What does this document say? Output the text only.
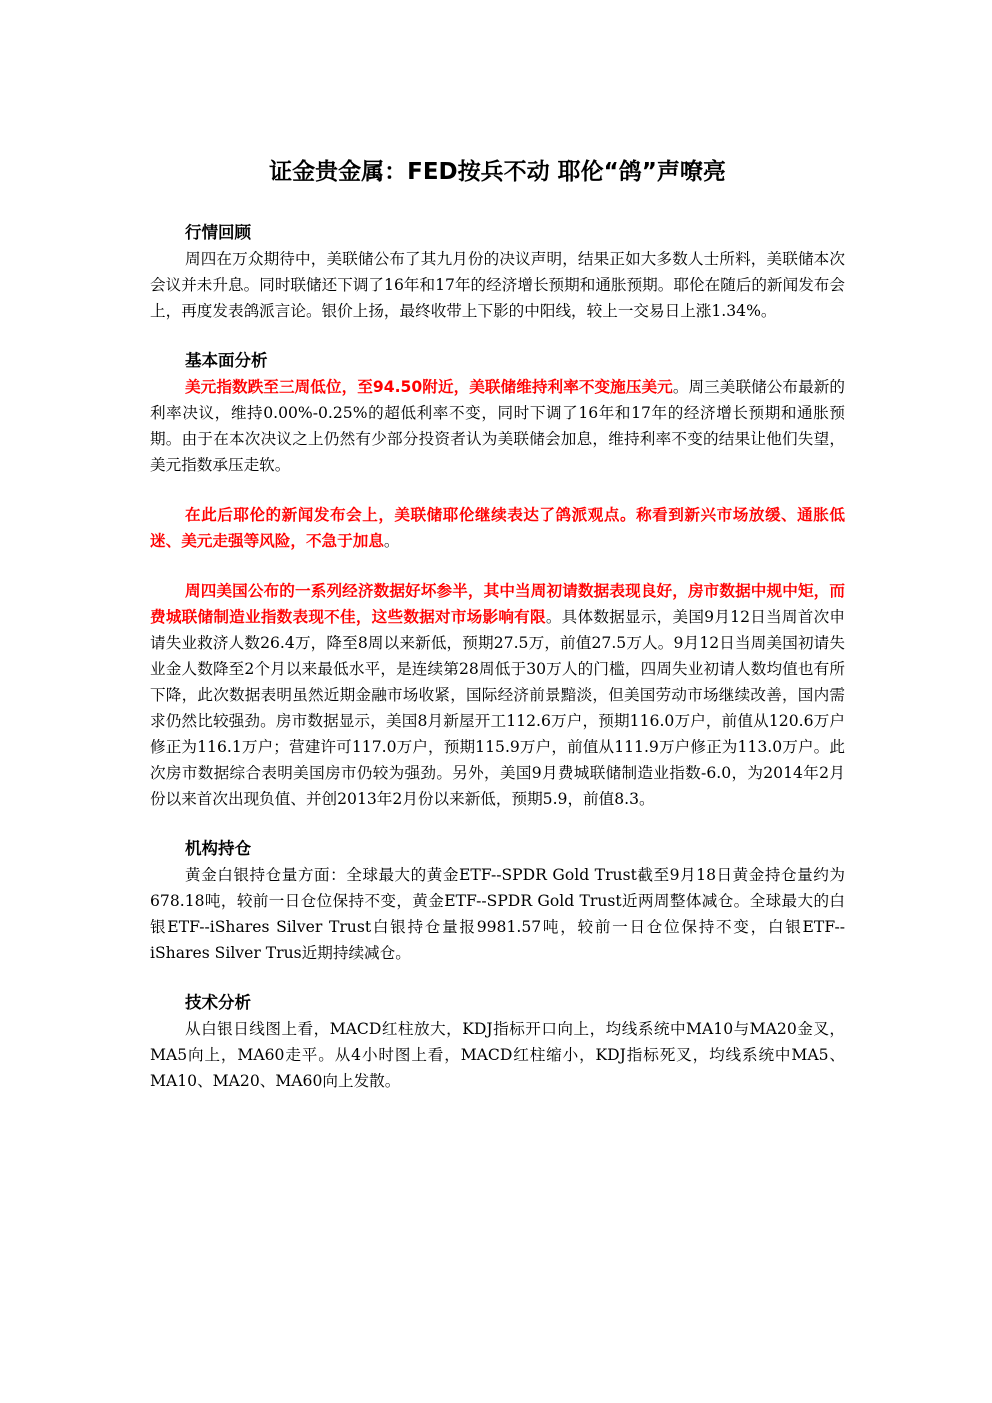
证金贵金属：FED按兵不动 耶伦“鸽”声嘹亮

行情回顾

周四在万众期待中，美联储公布了其九月份的决议声明，结果正如大多数人士所料，美联储本次会议并未升息。同时联储还下调了16年和17年的经济增长预期和通胀预期。耶伦在随后的新闻发布会上，再度发表鸽派言论。银价上扬，最终收带上下影的中阳线，较上一交易日上涨1.34%。

基本面分析

美元指数跌至三周低位，至94.50附近，美联储维持利率不变施压美元。周三美联储公布最新的利率决议，维持0.00%-0.25%的超低利率不变，同时下调了16年和17年的经济增长预期和通胀预期。由于在本次决议之上仍然有少部分投资者认为美联储会加息，维持利率不变的结果让他们失望，美元指数承压走软。

在此后耶伦的新闻发布会上，美联储耶伦继续表达了鸽派观点。称看到新兴市场放缓、通胀低迷、美元走强等风险，不急于加息。

周四美国公布的一系列经济数据好坏参半，其中当周初请数据表现良好，房市数据中规中矩，而费城联储制造业指数表现不佳，这些数据对市场影响有限。具体数据显示，美国9月12日当周首次申请失业救济人数26.4万，降至8周以来新低，预期27.5万，前值27.5万人。9月12日当周美国初请失业金人数降至2个月以来最低水平，是连续第28周低于30万人的门槛，四周失业初请人数均值也有所下降，此次数据表明虽然近期金融市场收紧，国际经济前景黯淡，但美国劳动市场继续改善，国内需求仍然比较强劲。房市数据显示，美国8月新屋开工112.6万户，预期116.0万户，前值从120.6万户修正为116.1万户；营建许可117.0万户，预期115.9万户，前值从111.9万户修正为113.0万户。此次房市数据综合表明美国房市仍较为强劲。另外，美国9月费城联储制造业指数-6.0，为2014年2月份以来首次出现负值、并创2013年2月份以来新低，预期5.9，前值8.3。

机构持仓

黄金白银持仓量方面：全球最大的黄金ETF--SPDR Gold Trust截至9月18日黄金持仓量约为678.18吨，较前一日仓位保持不变，黄金ETF--SPDR Gold Trust近两周整体减仓。全球最大的白银ETF--iShares Silver Trust白银持仓量报9981.57吨，较前一日仓位保持不变，白银ETF--iShares Silver Trus近期持续减仓。

技术分析

从白银日线图上看，MACD红柱放大，KDJ指标开口向上，均线系统中MA10与MA20金叉，MA5向上，MA60走平。从4小时图上看，MACD红柱缩小，KDJ指标死叉，均线系统中MA5、MA10、MA20、MA60向上发散。
